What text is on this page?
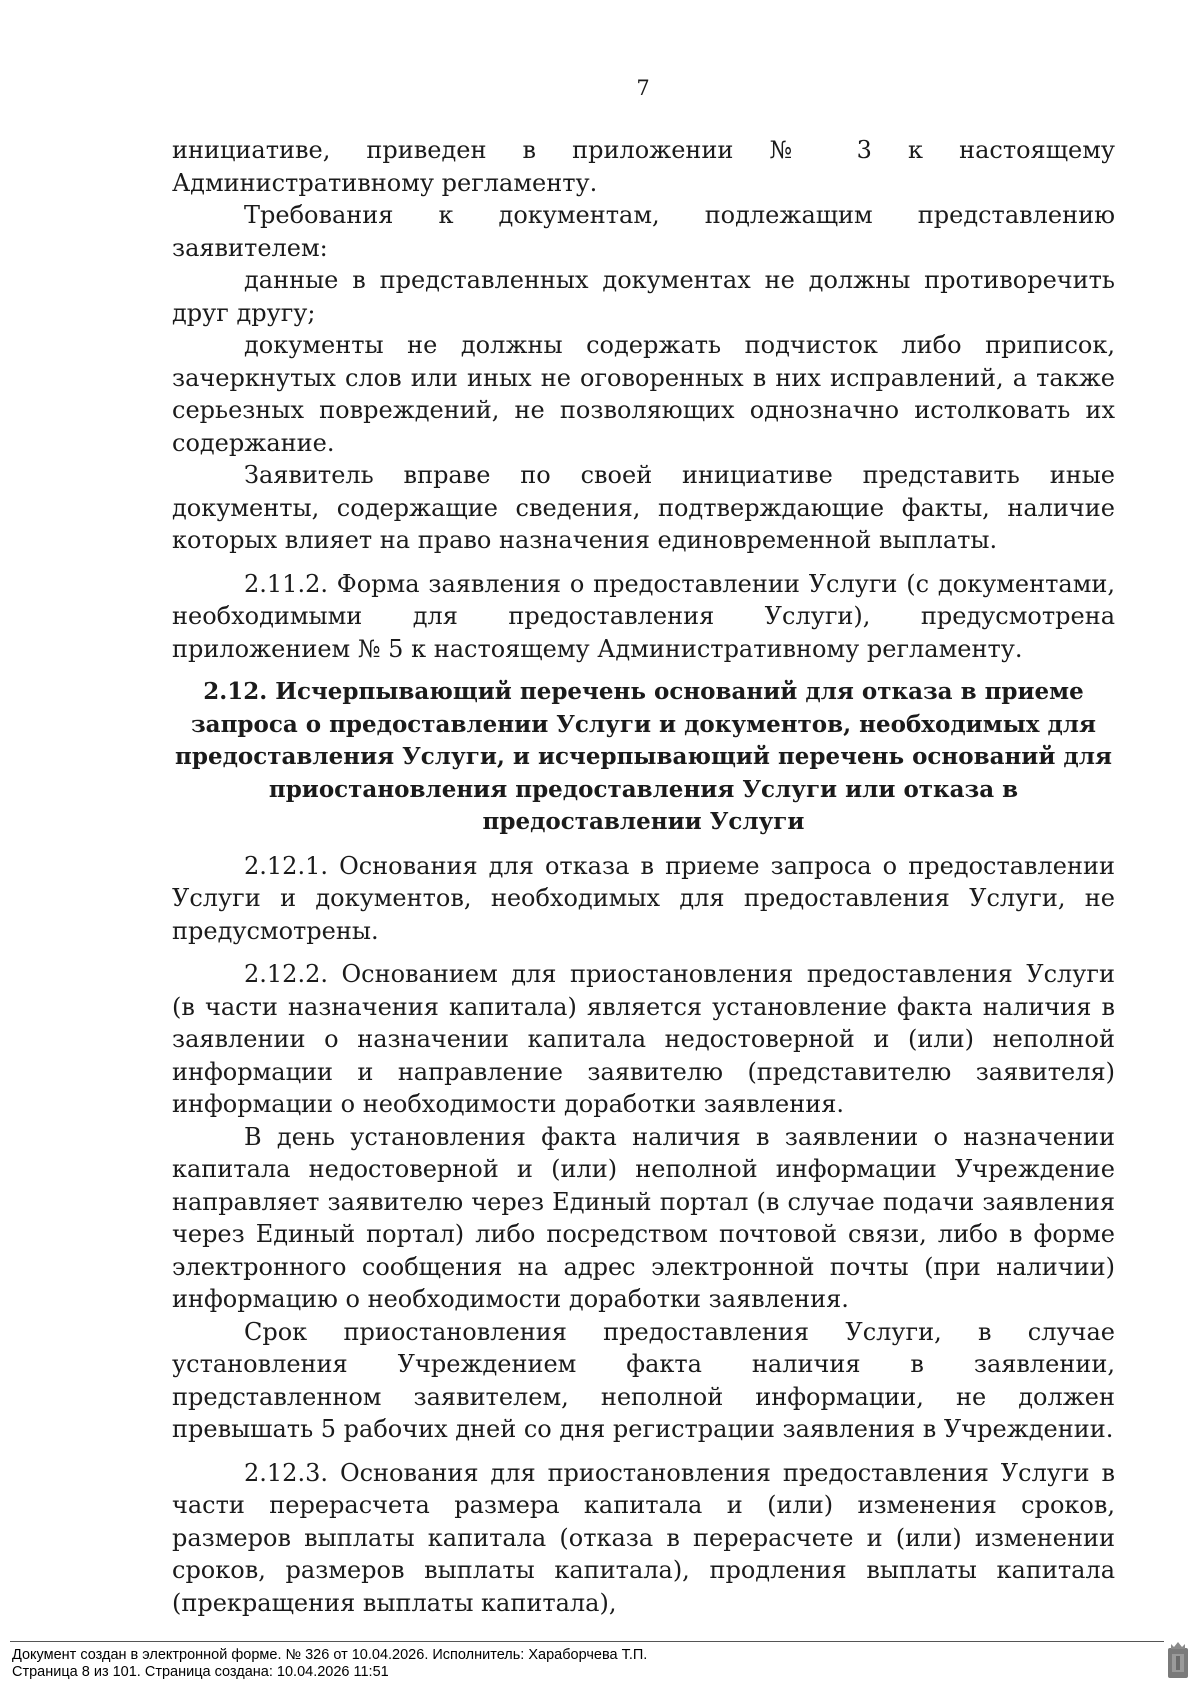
7

инициативе, приведен в приложении № 3 к настоящему Административному регламенту.

Требования к документам, подлежащим представлению заявителем:

данные в представленных документах не должны противоречить друг другу;

документы не должны содержать подчисток либо приписок, зачеркнутых слов или иных не оговоренных в них исправлений, а также серьезных повреждений, не позволяющих однозначно истолковать их содержание.

Заявитель вправе по своей инициативе представить иные документы, содержащие сведения, подтверждающие факты, наличие которых влияет на право назначения единовременной выплаты.

2.11.2. Форма заявления о предоставлении Услуги (с документами, необходимыми для предоставления Услуги), предусмотрена приложением № 5 к настоящему Административному регламенту.

2.12. Исчерпывающий перечень оснований для отказа в приеме запроса о предоставлении Услуги и документов, необходимых для предоставления Услуги, и исчерпывающий перечень оснований для приостановления предоставления Услуги или отказа в предоставлении Услуги

2.12.1. Основания для отказа в приеме запроса о предоставлении Услуги и документов, необходимых для предоставления Услуги, не предусмотрены.

2.12.2. Основанием для приостановления предоставления Услуги (в части назначения капитала) является установление факта наличия в заявлении о назначении капитала недостоверной и (или) неполной информации и направление заявителю (представителю заявителя) информации о необходимости доработки заявления.

В день установления факта наличия в заявлении о назначении капитала недостоверной и (или) неполной информации Учреждение направляет заявителю через Единый портал (в случае подачи заявления через Единый портал) либо посредством почтовой связи, либо в форме электронного сообщения на адрес электронной почты (при наличии) информацию о необходимости доработки заявления.

Срок приостановления предоставления Услуги, в случае установления Учреждением факта наличия в заявлении, представленном заявителем, неполной информации, не должен превышать 5 рабочих дней со дня регистрации заявления в Учреждении.

2.12.3. Основания для приостановления предоставления Услуги в части перерасчета размера капитала и (или) изменения сроков, размеров выплаты капитала (отказа в перерасчете и (или) изменении сроков, размеров выплаты капитала), продления выплаты капитала (прекращения выплаты капитала),

Документ создан в электронной форме. № 326 от 10.04.2026. Исполнитель: Хараборчева Т.П.
Страница 8 из 101. Страница создана: 10.04.2026 11:51
